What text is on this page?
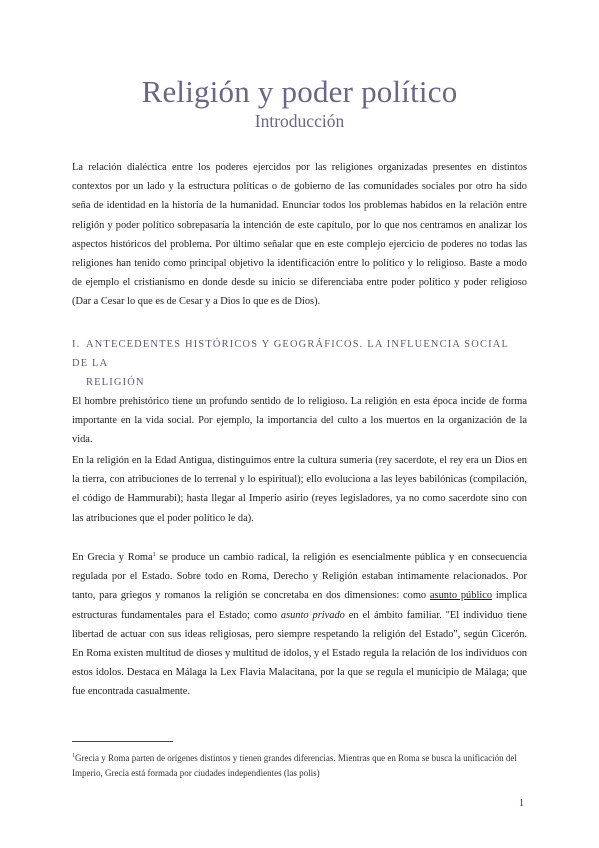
Religión y poder político
Introducción

La relación dialéctica entre los poderes ejercidos por las religiones organizadas presentes en distintos contextos por un lado y la estructura políticas o de gobierno de las comunidades sociales por otro ha sido seña de identidad en la historia de la humanidad. Enunciar todos los problemas habidos en la relación entre religión y poder político sobrepasaría la intención de este capítulo, por lo que nos centramos en analizar los aspectos históricos del problema. Por último señalar que en este complejo ejercicio de poderes no todas las religiones han tenido como principal objetivo la identificación entre lo político y lo religioso. Baste a modo de ejemplo el cristianismo en donde desde su inicio se diferenciaba entre poder político y poder religioso (Dar a Cesar lo que es de Cesar y a Dios lo que es de Dios).

I. ANTECEDENTES HISTÓRICOS Y GEOGRÁFICOS. LA INFLUENCIA SOCIAL DE LA
RELIGIÓN

El hombre prehistórico tiene un profundo sentido de lo religioso. La religión en esta época incide de forma importante en la vida social. Por ejemplo, la importancia del culto a los muertos en la organización de la vida.

En la religión en la Edad Antigua, distinguimos entre la cultura sumeria (rey sacerdote, el rey era un Dios en la tierra, con atribuciones de lo terrenal y lo espiritual); ello evoluciona a las leyes babilónicas (compilación, el código de Hammurabi); hasta llegar al Imperio asirio (reyes legisladores, ya no como sacerdote sino con las atribuciones que el poder político le da).

En Grecia y Roma$^1$ se produce un cambio radical, la religión es esencialmente pública y en consecuencia regulada por el Estado. Sobre todo en Roma, Derecho y Religión estaban íntimamente relacionados. Por tanto, para griegos y romanos la religión se concretaba en dos dimensiones: como asunto público implica estructuras fundamentales para el Estado; como asunto privado en el ámbito familiar. "El individuo tiene libertad de actuar con sus ideas religiosas, pero siempre respetando la religión del Estado", según Cicerón. En Roma existen multitud de dioses y multitud de ídolos, y el Estado regula la relación de los individuos con estos ídolos. Destaca en Málaga la Lex Flavia Malacitana, por la que se regula el municipio de Málaga; que fue encontrada casualmente.

$^1$Grecia y Roma parten de orígenes distintos y tienen grandes diferencias. Mientras que en Roma se busca la unificación del Imperio, Grecia está formada por ciudades independientes (las polis)

1
